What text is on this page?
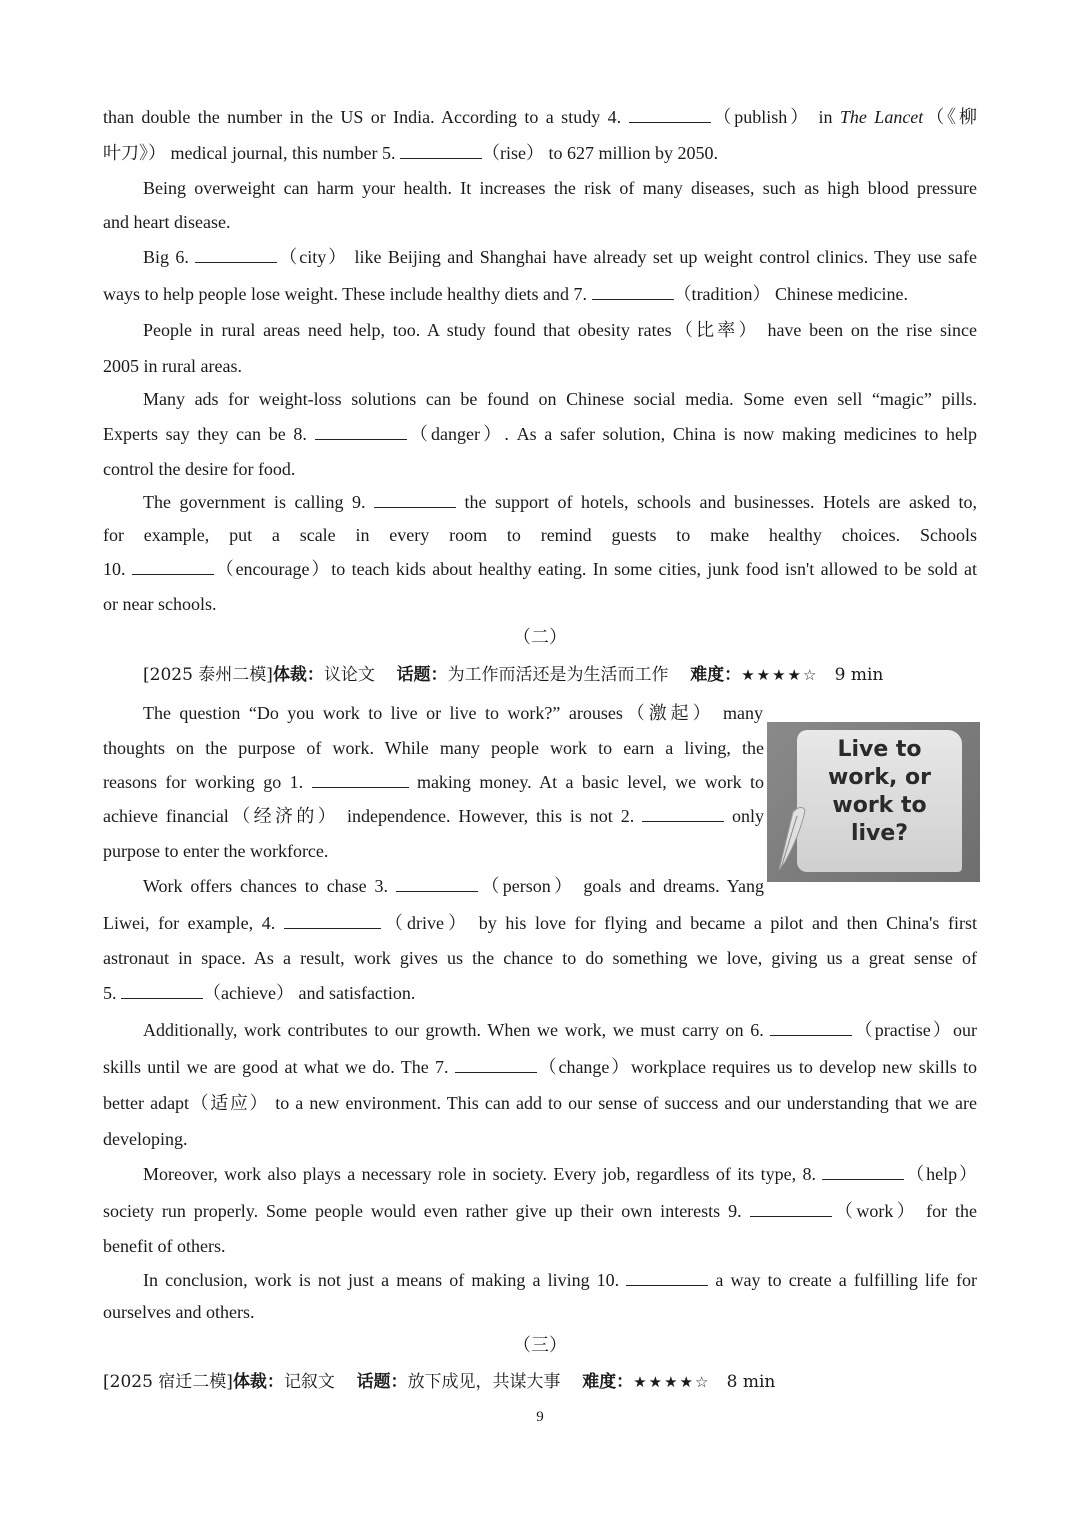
than double the number in the US or India. According to a study 4.	（publish） in The Lancet（《柳
叶刀》） medical journal, this number 5.	（rise） to 627 million by 2050.
Being overweight can harm your health. It increases the risk of many diseases, such as high blood pressure
and heart disease.
Big 6.	（city） like Beijing and Shanghai have already set up weight control clinics. They use safe
ways to help people lose weight. These include healthy diets and 7.	（tradition） Chinese medicine.
People in rural areas need help, too. A study found that obesity rates（比率） have been on the rise since
2005 in rural areas.
Many ads for weight-loss solutions can be found on Chinese social media. Some even sell “magic” pills.
Experts say they can be 8.	（danger）. As a safer solution, China is now making medicines to help
control the desire for food.
The government is calling 9.	the support of hotels, schools and businesses. Hotels are asked to,
for example, put a scale in every room to remind guests to make healthy choices. Schools
10.	（encourage）to teach kids about healthy eating. In some cities, junk food isn't allowed to be sold at
or near schools.
（二）
[2025 泰州二模]体裁：议论文 话题：为工作而活还是为生活而工作 难度：★★★★☆ 9 min
The question “Do you work to live or live to work?” arouses（激起） many
thoughts on the purpose of work. While many people work to earn a living, the
reasons for working go 1.	making money. At a basic level, we work to
achieve financial（经济的） independence. However, this is not 2.	only
purpose to enter the workforce.
Work offers chances to chase 3.	（person） goals and dreams. Yang
Live to
work, or
work to
live?
Liwei, for example, 4.	（drive） by his love for flying and became a pilot and then China's first
astronaut in space. As a result, work gives us the chance to do something we love, giving us a great sense of
5.	（achieve） and satisfaction.
Additionally, work contributes to our growth. When we work, we must carry on 6.	（practise）our
skills until we are good at what we do. The 7.	（change）workplace requires us to develop new skills to
better adapt（适应） to a new environment. This can add to our sense of success and our understanding that we are
developing.
Moreover, work also plays a necessary role in society. Every job, regardless of its type, 8.	（help）
society run properly. Some people would even rather give up their own interests 9.	（work） for the
benefit of others.
In conclusion, work is not just a means of making a living 10.	a way to create a fulfilling life for
ourselves and others.
（三）
[2025 宿迁二模]体裁：记叙文 话题：放下成见，共谋大事 难度：★★★★☆ 8 min
9
